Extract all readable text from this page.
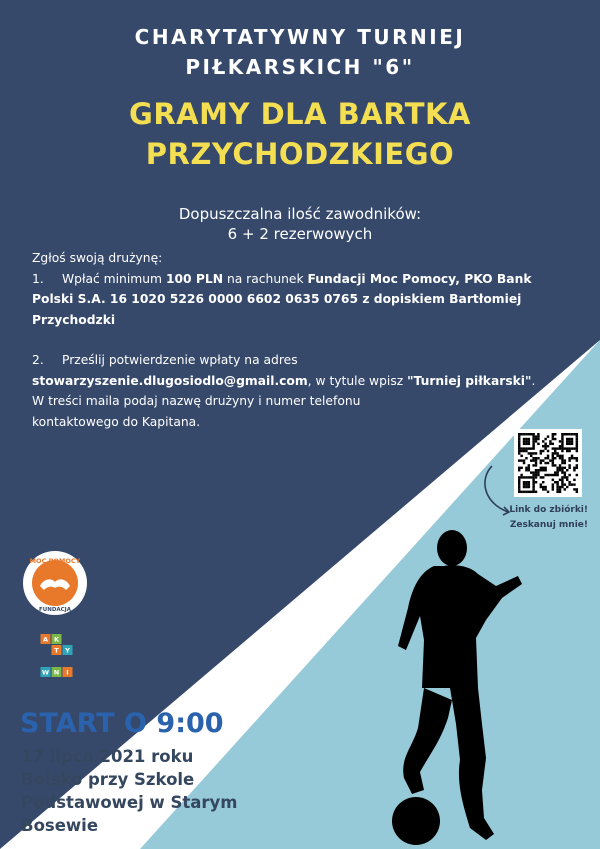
CHARYTATYWNY TURNIEJ
PIŁKARSKICH "6"
GRAMY DLA BARTKA
PRZYCHODZKIEGO
Dopuszczalna ilość zawodników:
6 + 2 rezerwowych

Zgłoś swoją drużynę:

1. Wpłać minimum 100 PLN na rachunek Fundacji Moc Pomocy, PKO Bank Polski S.A. 16 1020 5226 0000 6602 0635 0765 z dopiskiem Bartłomiej Przychodzki

2. Prześlij potwierdzenie wpłaty na adres
stowarzyszenie.dlugosiodlo@gmail.com, w tytule wpisz "Turniej piłkarski".
W treści maila podaj nazwę drużyny i numer telefonu kontaktowego do Kapitana.

Link do zbiórki!
Zeskanuj mnie!
MOC POMOCY
FUNDACJA
A K
T Y
W N I
START O 9:00

17 lipca 2021 roku

Boisko przy Szkole

Podstawowej w Starym

Bosewie
